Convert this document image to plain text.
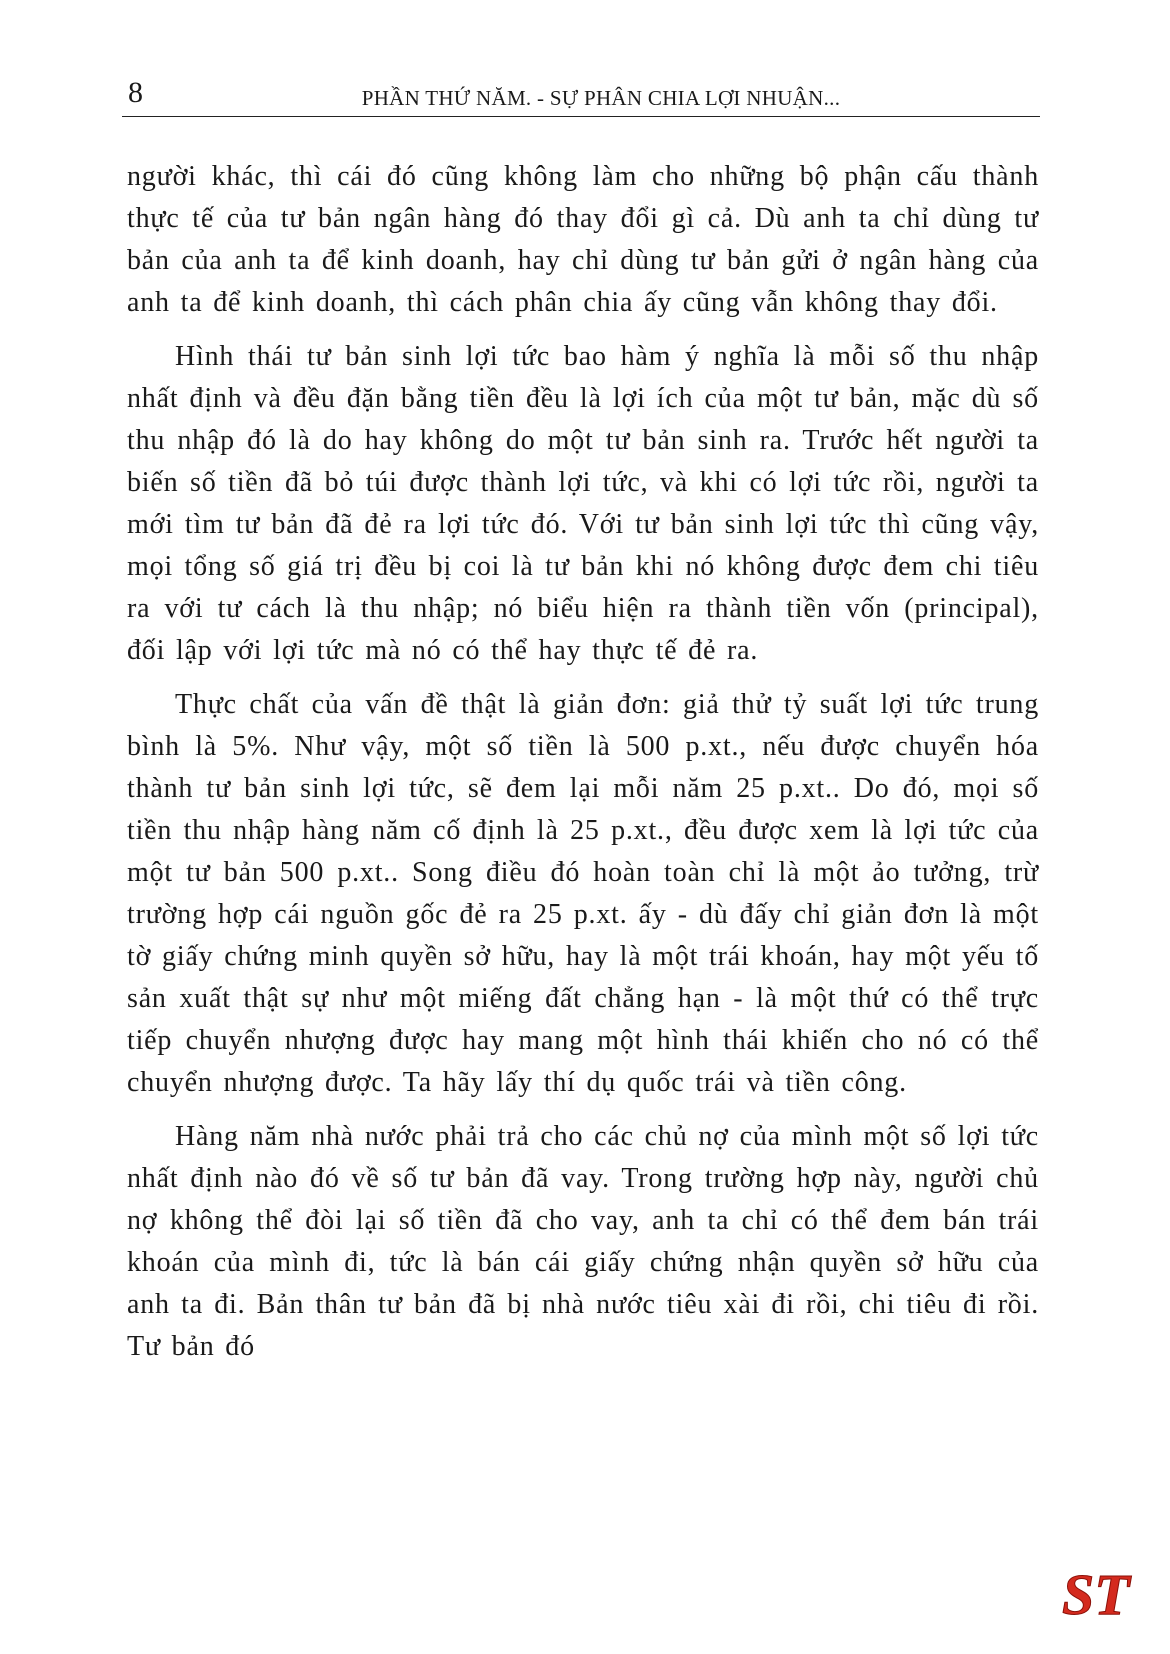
8	PHẦN THỨ NĂM. - SỰ PHÂN CHIA LỢI NHUẬN...

người khác, thì cái đó cũng không làm cho những bộ phận cấu thành thực tế của tư bản ngân hàng đó thay đổi gì cả. Dù anh ta chỉ dùng tư bản của anh ta để kinh doanh, hay chỉ dùng tư bản gửi ở ngân hàng của anh ta để kinh doanh, thì cách phân chia ấy cũng vẫn không thay đổi.

Hình thái tư bản sinh lợi tức bao hàm ý nghĩa là mỗi số thu nhập nhất định và đều đặn bằng tiền đều là lợi ích của một tư bản, mặc dù số thu nhập đó là do hay không do một tư bản sinh ra. Trước hết người ta biến số tiền đã bỏ túi được thành lợi tức, và khi có lợi tức rồi, người ta mới tìm tư bản đã đẻ ra lợi tức đó. Với tư bản sinh lợi tức thì cũng vậy, mọi tổng số giá trị đều bị coi là tư bản khi nó không được đem chi tiêu ra với tư cách là thu nhập; nó biểu hiện ra thành tiền vốn (principal), đối lập với lợi tức mà nó có thể hay thực tế đẻ ra.

Thực chất của vấn đề thật là giản đơn: giả thử tỷ suất lợi tức trung bình là 5%. Như vậy, một số tiền là 500 p.xt., nếu được chuyển hóa thành tư bản sinh lợi tức, sẽ đem lại mỗi năm 25 p.xt.. Do đó, mọi số tiền thu nhập hàng năm cố định là 25 p.xt., đều được xem là lợi tức của một tư bản 500 p.xt.. Song điều đó hoàn toàn chỉ là một ảo tưởng, trừ trường hợp cái nguồn gốc đẻ ra 25 p.xt. ấy - dù đấy chỉ giản đơn là một tờ giấy chứng minh quyền sở hữu, hay là một trái khoán, hay một yếu tố sản xuất thật sự như một miếng đất chẳng hạn - là một thứ có thể trực tiếp chuyển nhượng được hay mang một hình thái khiến cho nó có thể chuyển nhượng được. Ta hãy lấy thí dụ quốc trái và tiền công.

Hàng năm nhà nước phải trả cho các chủ nợ của mình một số lợi tức nhất định nào đó về số tư bản đã vay. Trong trường hợp này, người chủ nợ không thể đòi lại số tiền đã cho vay, anh ta chỉ có thể đem bán trái khoán của mình đi, tức là bán cái giấy chứng nhận quyền sở hữu của anh ta đi. Bản thân tư bản đã bị nhà nước tiêu xài đi rồi, chi tiêu đi rồi. Tư bản đó

ST
